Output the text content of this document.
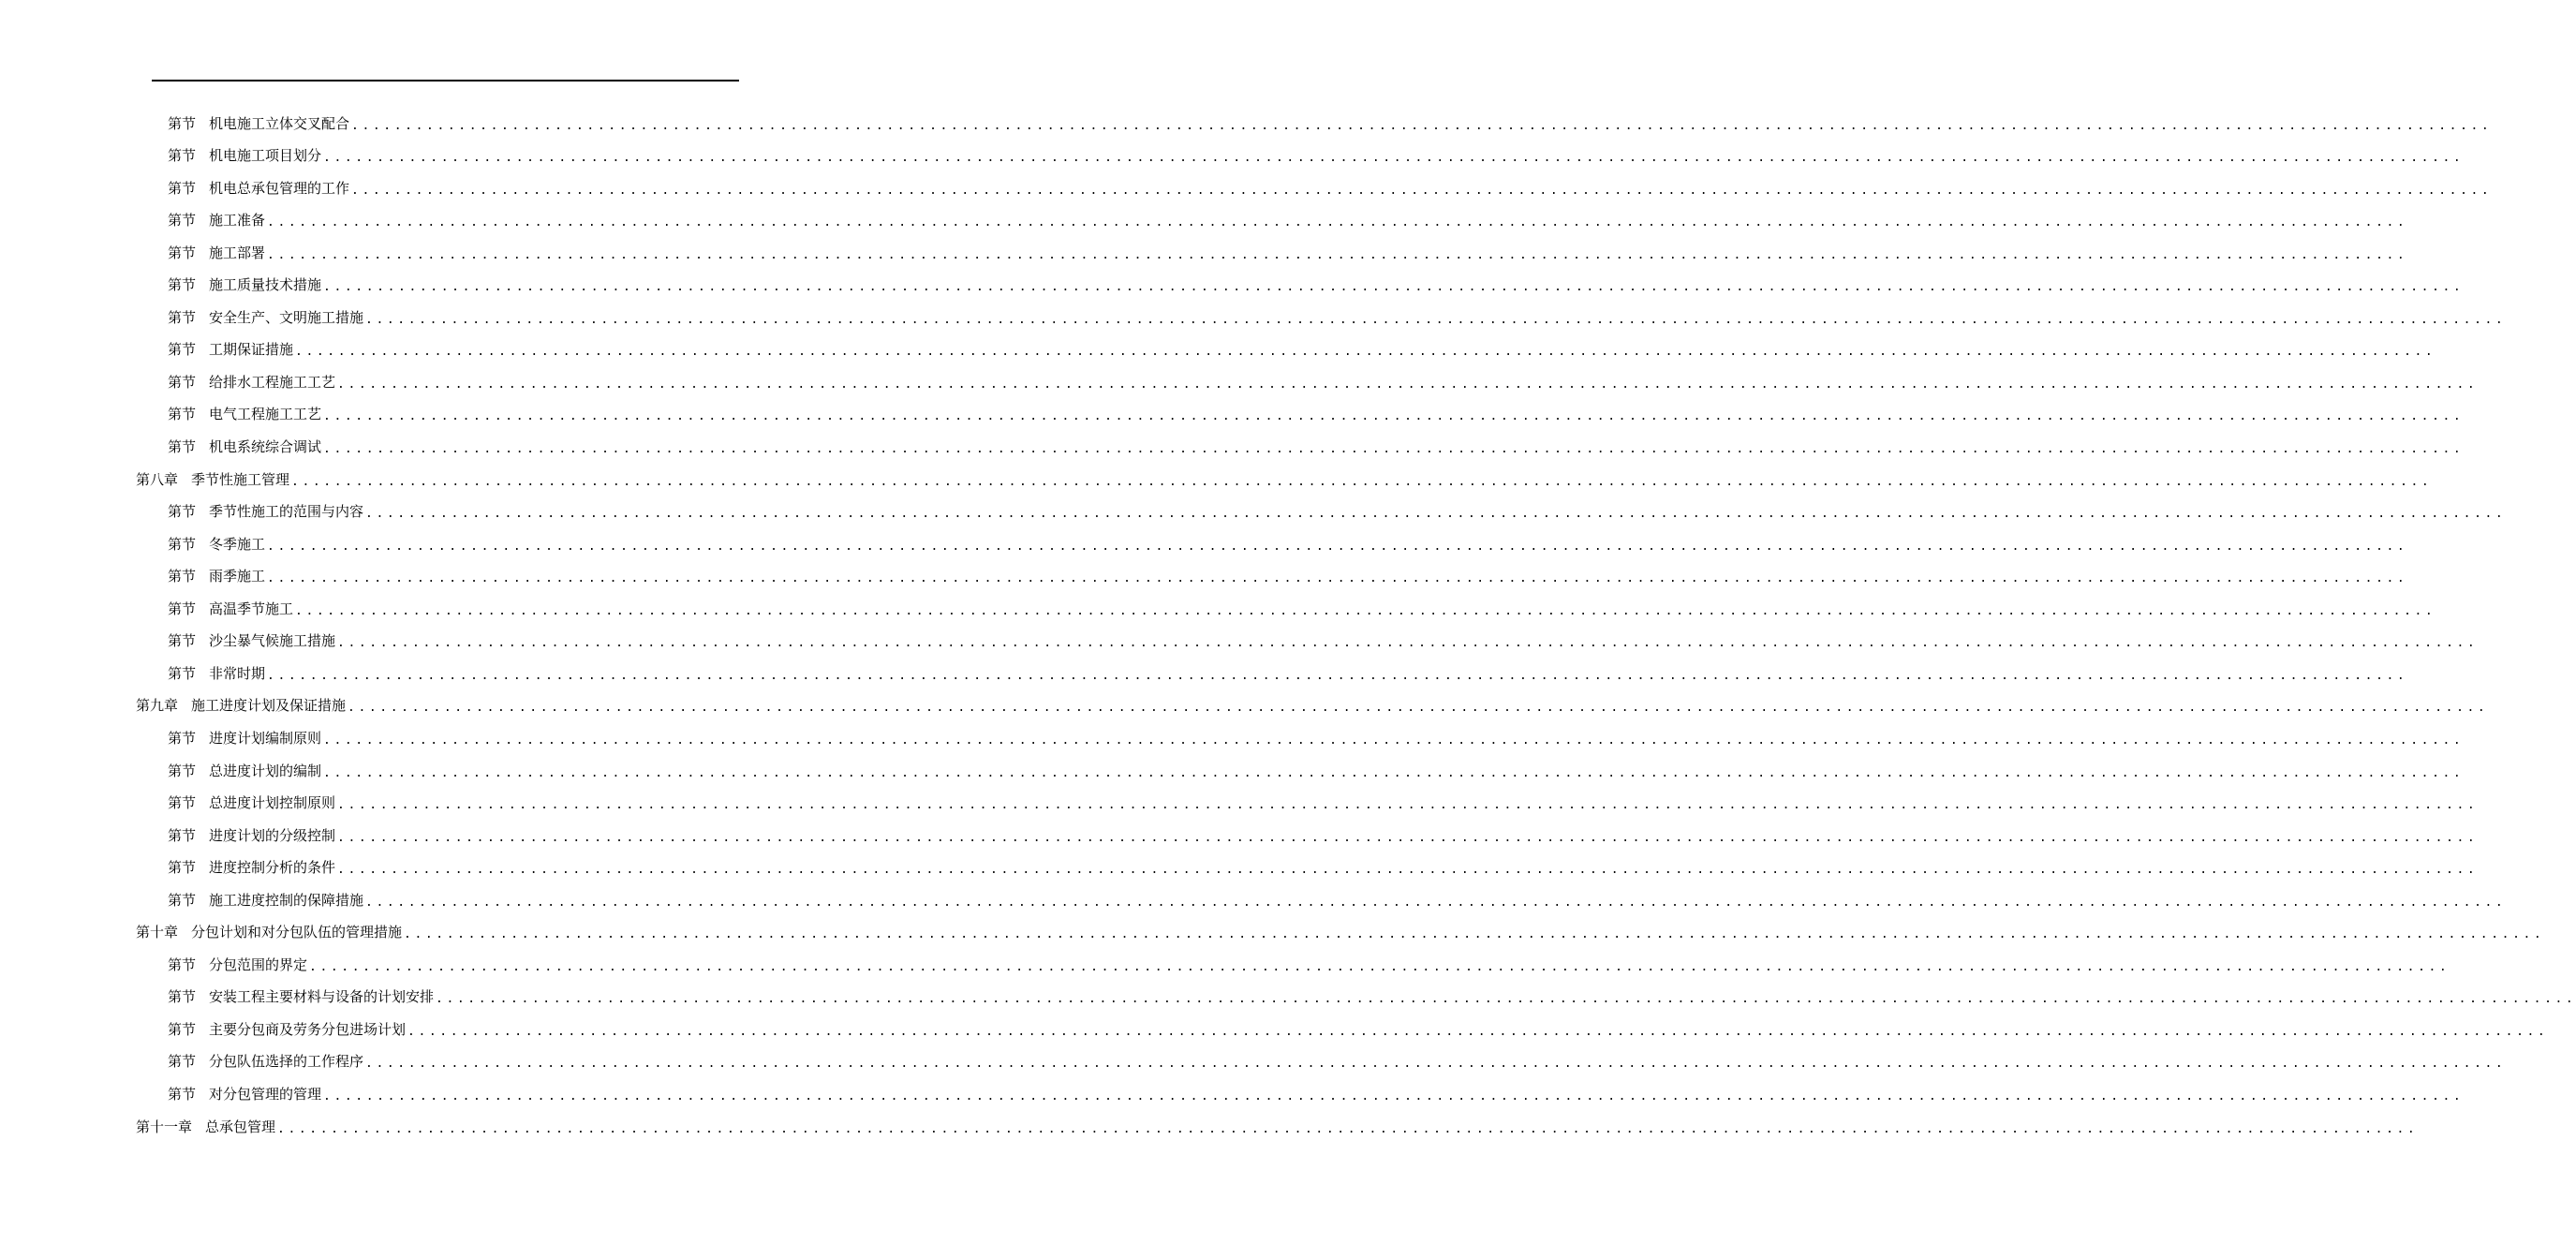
第节 机电施工立体交叉配合 ........................................................................................................................................................................................................
第节 机电施工项目划分 ........................................................................................................................................................................................................
第节 机电总承包管理的工作 ........................................................................................................................................................................................................
第节 施工准备 ........................................................................................................................................................................................................
第节 施工部署 ........................................................................................................................................................................................................
第节 施工质量技术措施 ........................................................................................................................................................................................................
第节 安全生产、文明施工措施 ........................................................................................................................................................................................................
第节 工期保证措施 ........................................................................................................................................................................................................
第节 给排水工程施工工艺 ........................................................................................................................................................................................................
第节 电气工程施工工艺 ........................................................................................................................................................................................................
第节 机电系统综合调试 ........................................................................................................................................................................................................
第八章 季节性施工管理 ........................................................................................................................................................................................................
第节 季节性施工的范围与内容 ........................................................................................................................................................................................................
第节 冬季施工 ........................................................................................................................................................................................................
第节 雨季施工 ........................................................................................................................................................................................................
第节 高温季节施工 ........................................................................................................................................................................................................
第节 沙尘暴气候施工措施 ........................................................................................................................................................................................................
第节 非常时期 ........................................................................................................................................................................................................
第九章 施工进度计划及保证措施 ........................................................................................................................................................................................................
第节 进度计划编制原则 ........................................................................................................................................................................................................
第节 总进度计划的编制 ........................................................................................................................................................................................................
第节 总进度计划控制原则 ........................................................................................................................................................................................................
第节 进度计划的分级控制 ........................................................................................................................................................................................................
第节 进度控制分析的条件 ........................................................................................................................................................................................................
第节 施工进度控制的保障措施 ........................................................................................................................................................................................................
第十章 分包计划和对分包队伍的管理措施 ........................................................................................................................................................................................................
第节 分包范围的界定 ........................................................................................................................................................................................................
第节 安装工程主要材料与设备的计划安排 ........................................................................................................................................................................................................
第节 主要分包商及劳务分包进场计划 ........................................................................................................................................................................................................
第节 分包队伍选择的工作程序 ........................................................................................................................................................................................................
第节 对分包管理的管理 ........................................................................................................................................................................................................
第十一章 总承包管理 ........................................................................................................................................................................................................
